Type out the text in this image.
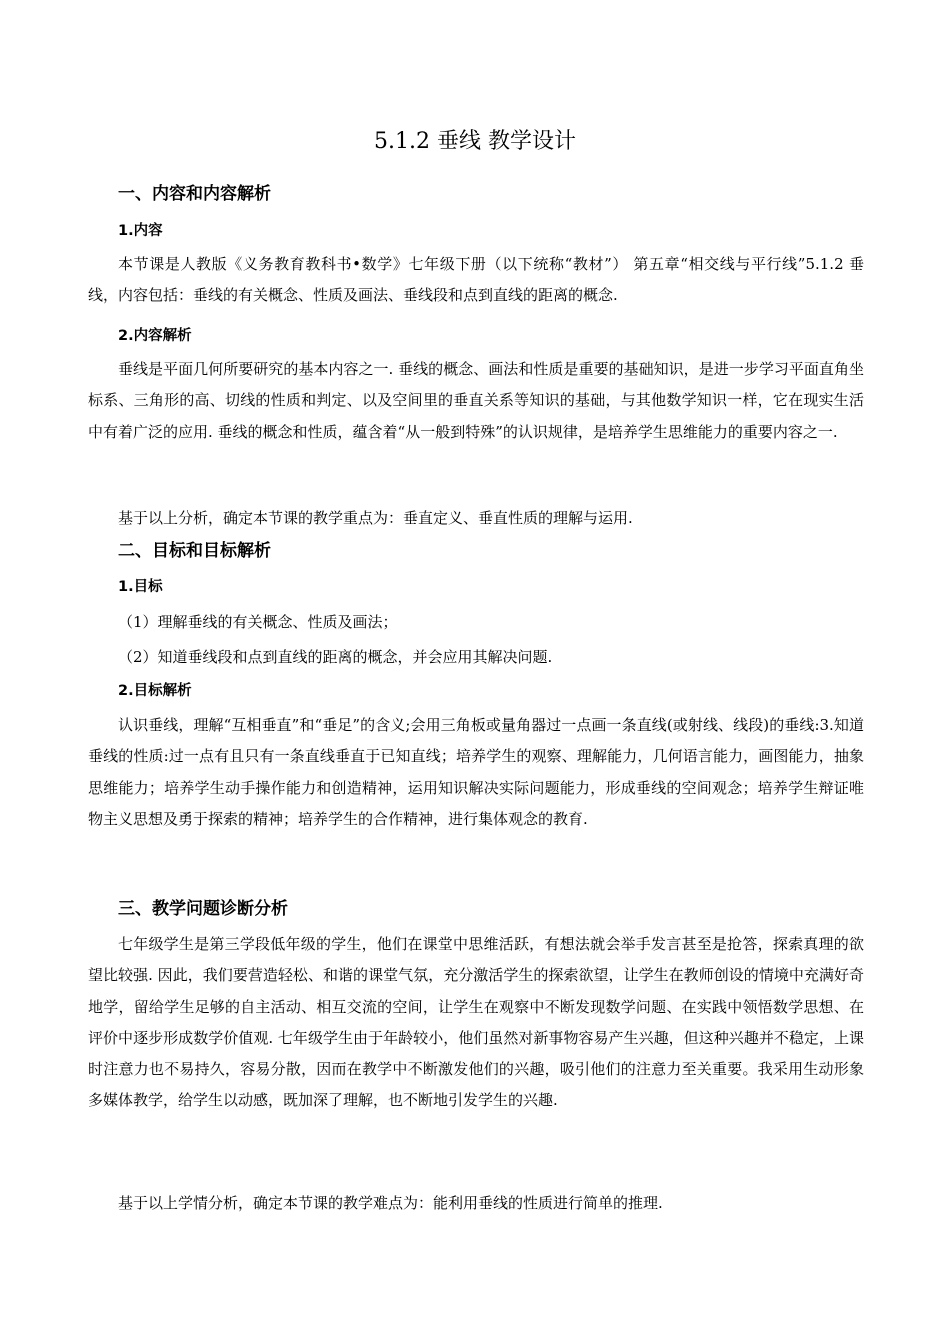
5.1.2 垂线 教学设计
一、内容和内容解析
1.内容

本节课是人教版《义务教育教科书•数学》七年级下册（以下统称“教材”） 第五章“相交线与平行线”5.1.2 垂线，内容包括：垂线的有关概念、性质及画法、垂线段和点到直线的距离的概念.

2.内容解析

垂线是平面几何所要研究的基本内容之一. 垂线的概念、画法和性质是重要的基础知识，是进一步学习平面直角坐标系、三角形的高、切线的性质和判定、以及空间里的垂直关系等知识的基础，与其他数学知识一样，它在现实生活中有着广泛的应用. 垂线的概念和性质，蕴含着“从一般到特殊”的认识规律，是培养学生思维能力的重要内容之一.

基于以上分析，确定本节课的教学重点为：垂直定义、垂直性质的理解与运用.

二、目标和目标解析
1.目标
（1）理解垂线的有关概念、性质及画法；
（2）知道垂线段和点到直线的距离的概念，并会应用其解决问题.
2.目标解析

认识垂线，理解“互相垂直”和“垂足”的含义;会用三角板或量角器过一点画一条直线(或射线、线段)的垂线:3.知道垂线的性质:过一点有且只有一条直线垂直于已知直线；培养学生的观察、理解能力，几何语言能力，画图能力，抽象思维能力；培养学生动手操作能力和创造精神，运用知识解决实际问题能力，形成垂线的空间观念；培养学生辩证唯物主义思想及勇于探索的精神；培养学生的合作精神，进行集体观念的教育.

三、教学问题诊断分析

七年级学生是第三学段低年级的学生，他们在课堂中思维活跃，有想法就会举手发言甚至是抢答，探索真理的欲望比较强. 因此，我们要营造轻松、和谐的课堂气氛，充分激活学生的探索欲望，让学生在教师创设的情境中充满好奇地学，留给学生足够的自主活动、相互交流的空间，让学生在观察中不断发现数学问题、在实践中领悟数学思想、在评价中逐步形成数学价值观. 七年级学生由于年龄较小，他们虽然对新事物容易产生兴趣，但这种兴趣并不稳定，上课时注意力也不易持久，容易分散，因而在教学中不断激发他们的兴趣，吸引他们的注意力至关重要。我采用生动形象多媒体教学，给学生以动感，既加深了理解，也不断地引发学生的兴趣.

基于以上学情分析，确定本节课的教学难点为：能利用垂线的性质进行简单的推理.
